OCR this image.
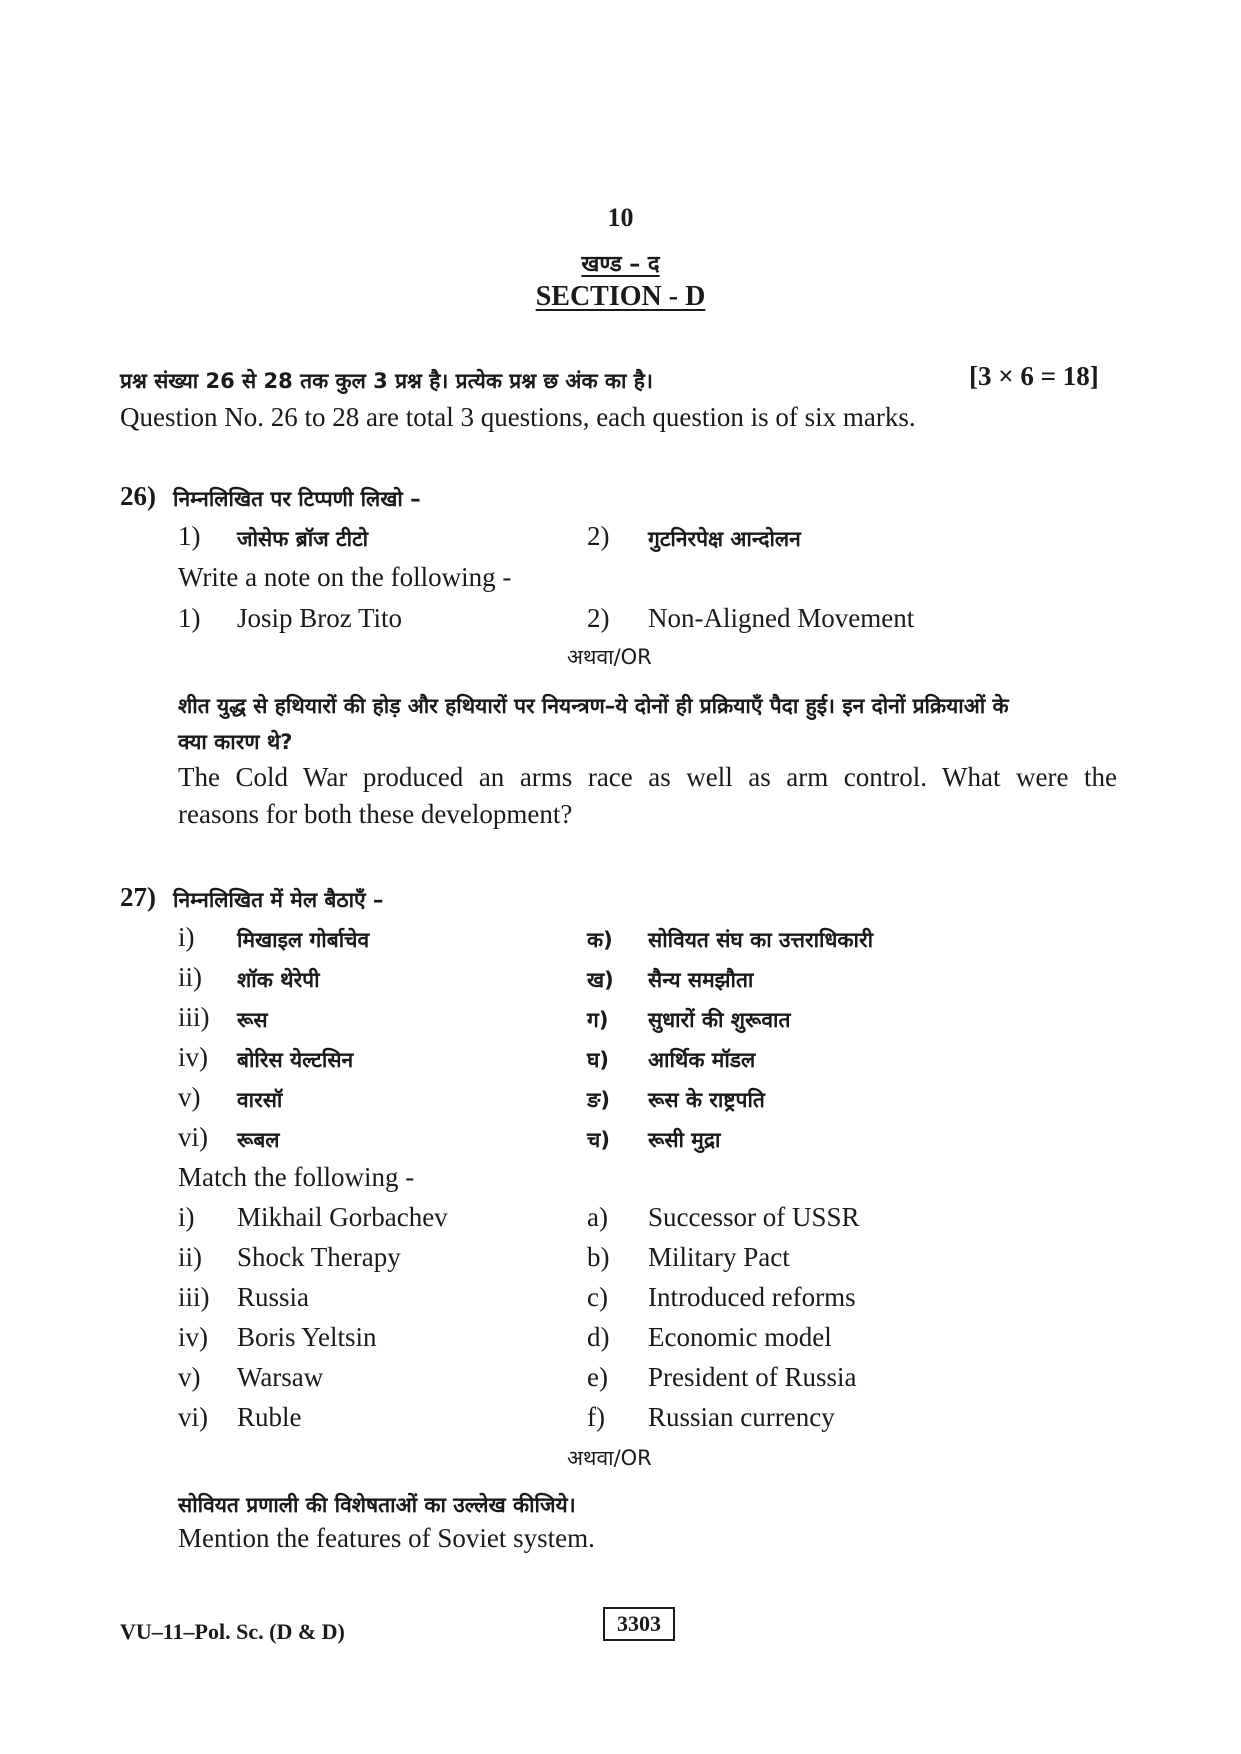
10
खण्ड – द
SECTION - D
प्रश्न संख्या 26 से 28 तक कुल 3 प्रश्न है। प्रत्येक प्रश्न छ अंक का है।	[3 × 6 = 18]
Question No. 26 to 28 are total 3 questions, each question is of six marks.
26) निम्नलिखित पर टिप्पणी लिखो –
1) जोसेफ ब्रॉज टीटो	2) गुटनिरपेक्ष आन्दोलन
Write a note on the following -
1) Josip Broz Tito	2) Non-Aligned Movement
अथवा/OR
शीत युद्ध से हथियारों की होड़ और हथियारों पर नियन्त्रण–ये दोनों ही प्रक्रियाएँ पैदा हुई। इन दोनों प्रक्रियाओं के
क्या कारण थे?
The Cold War produced an arms race as well as arm control. What were the
reasons for both these development?
27) निम्नलिखित में मेल बैठाएँ –
i) मिखाइल गोर्बाचेव	क) सोवियत संघ का उत्तराधिकारी
ii) शॉक थेरेपी	ख) सैन्य समझौता
iii) रूस	ग) सुधारों की शुरूवात
iv) बोरिस येल्टसिन	घ) आर्थिक मॉडल
v) वारसॉ	ङ) रूस के राष्ट्रपति
vi) रूबल	च) रूसी मुद्रा
Match the following -
i) Mikhail Gorbachev	a) Successor of USSR
ii) Shock Therapy	b) Military Pact
iii) Russia	c) Introduced reforms
iv) Boris Yeltsin	d) Economic model
v) Warsaw	e) President of Russia
vi) Ruble	f) Russian currency
अथवा/OR
सोवियत प्रणाली की विशेषताओं का उल्लेख कीजिये।
Mention the features of Soviet system.
VU–11–Pol. Sc. (D & D)	3303
